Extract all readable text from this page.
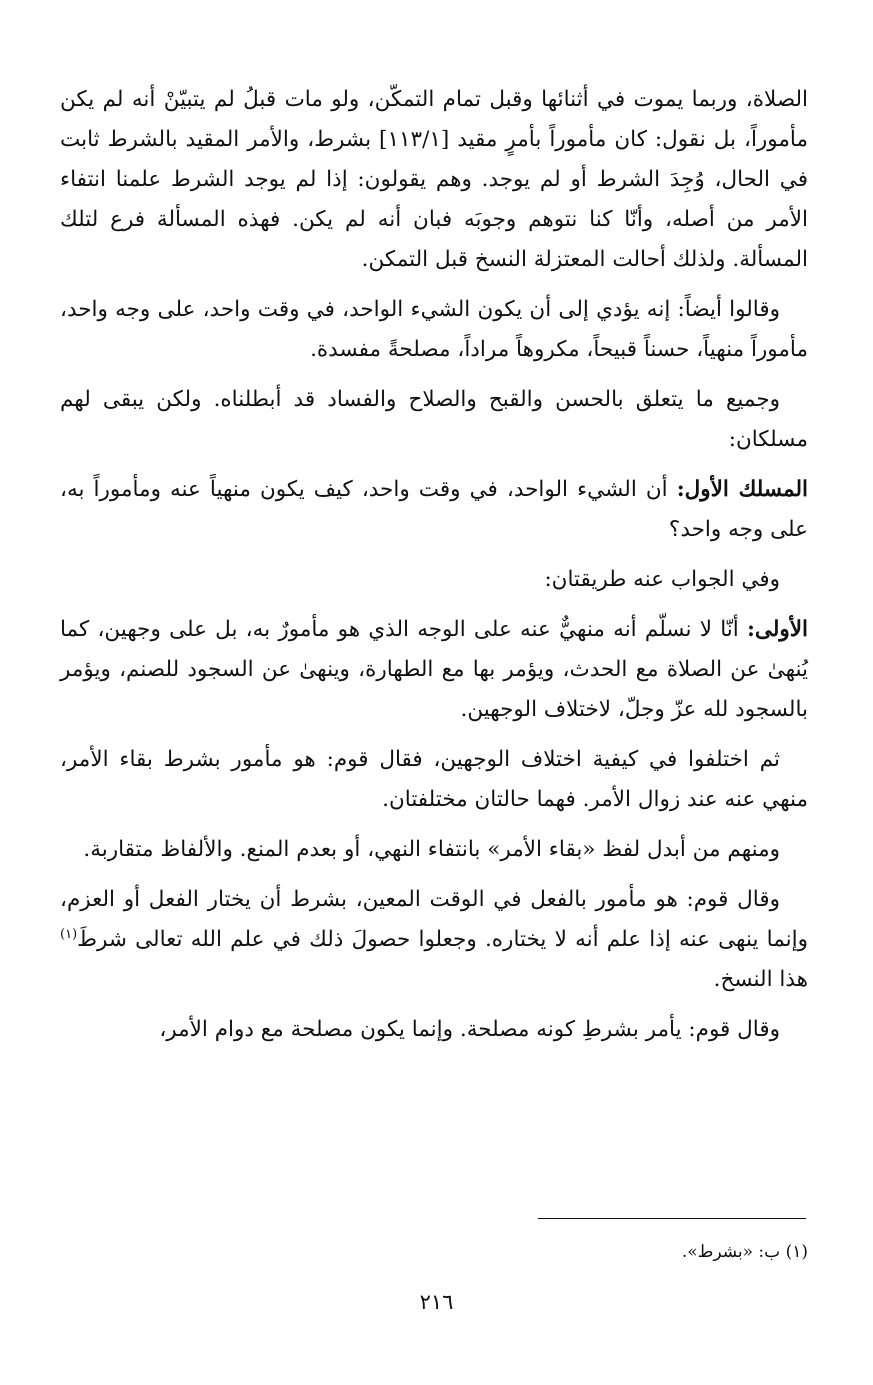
الصلاة، وربما يموت في أثنائها وقبل تمام التمكّن، ولو مات قبلُ لم يتبيّنْ أنه لم يكن مأموراً، بل نقول: كان مأموراً بأمرٍ مقيد [١١٣/١] بشرط، والأمر المقيد بالشرط ثابت في الحال، وُجِدَ الشرط أو لم يوجد. وهم يقولون: إذا لم يوجد الشرط علمنا انتفاء الأمر من أصله، وأنّا كنا نتوهم وجوبَه فبان أنه لم يكن. فهذه المسألة فرع لتلك المسألة. ولذلك أحالت المعتزلة النسخ قبل التمكن.

وقالوا أيضاً: إنه يؤدي إلى أن يكون الشيء الواحد، في وقت واحد، على وجه واحد، مأموراً منهياً، حسناً قبيحاً، مكروهاً مراداً، مصلحةً مفسدة.

وجميع ما يتعلق بالحسن والقبح والصلاح والفساد قد أبطلناه. ولكن يبقى لهم مسلكان:

المسلك الأول: أن الشيء الواحد، في وقت واحد، كيف يكون منهياً عنه ومأموراً به، على وجه واحد؟

وفي الجواب عنه طريقتان:

الأولى: أنّا لا نسلّم أنه منهيٌّ عنه على الوجه الذي هو مأمورٌ به، بل على وجهين، كما يُنهىٰ عن الصلاة مع الحدث، ويؤمر بها مع الطهارة، وينهىٰ عن السجود للصنم، ويؤمر بالسجود لله عزّ وجلّ، لاختلاف الوجهين.

ثم اختلفوا في كيفية اختلاف الوجهين، فقال قوم: هو مأمور بشرط بقاء الأمر، منهي عنه عند زوال الأمر. فهما حالتان مختلفتان.

ومنهم من أبدل لفظ «بقاء الأمر» بانتفاء النهي، أو بعدم المنع. والألفاظ متقاربة.

وقال قوم: هو مأمور بالفعل في الوقت المعين، بشرط أن يختار الفعل أو العزم، وإنما ينهى عنه إذا علم أنه لا يختاره. وجعلوا حصولَ ذلك في علم الله تعالى شرطَ$^{(١)}$ هذا النسخ.

وقال قوم: يأمر بشرطِ كونه مصلحة. وإنما يكون مصلحة مع دوام الأمر،

(١) ب: «بشرط».
٢١٦
